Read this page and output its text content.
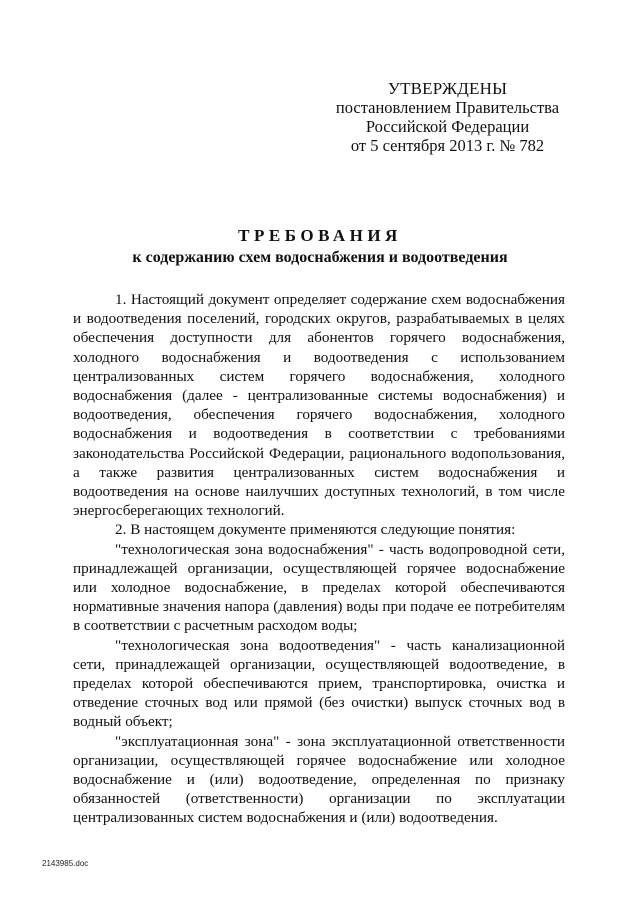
УТВЕРЖДЕНЫ
постановлением Правительства
Российской Федерации
от 5 сентября 2013 г. № 782
ТРЕБОВАНИЯ
к содержанию схем водоснабжения и водоотведения

1. Настоящий документ определяет содержание схем водоснабжения и водоотведения поселений, городских округов, разрабатываемых в целях обеспечения доступности для абонентов горячего водоснабжения, холодного водоснабжения и водоотведения с использованием централизованных систем горячего водоснабжения, холодного водоснабжения (далее - централизованные системы водоснабжения) и водоотведения, обеспечения горячего водоснабжения, холодного водоснабжения и водоотведения в соответствии с требованиями законодательства Российской Федерации, рационального водопользования, а также развития централизованных систем водоснабжения и водоотведения на основе наилучших доступных технологий, в том числе энергосберегающих технологий.

2. В настоящем документе применяются следующие понятия:

"технологическая зона водоснабжения" - часть водопроводной сети, принадлежащей организации, осуществляющей горячее водоснабжение или холодное водоснабжение, в пределах которой обеспечиваются нормативные значения напора (давления) воды при подаче ее потребителям в соответствии с расчетным расходом воды;

"технологическая зона водоотведения" - часть канализационной сети, принадлежащей организации, осуществляющей водоотведение, в пределах которой обеспечиваются прием, транспортировка, очистка и отведение сточных вод или прямой (без очистки) выпуск сточных вод в водный объект;

"эксплуатационная зона" - зона эксплуатационной ответственности организации, осуществляющей горячее водоснабжение или холодное водоснабжение и (или) водоотведение, определенная по признаку обязанностей (ответственности) организации по эксплуатации централизованных систем водоснабжения и (или) водоотведения.

2143985.doc
